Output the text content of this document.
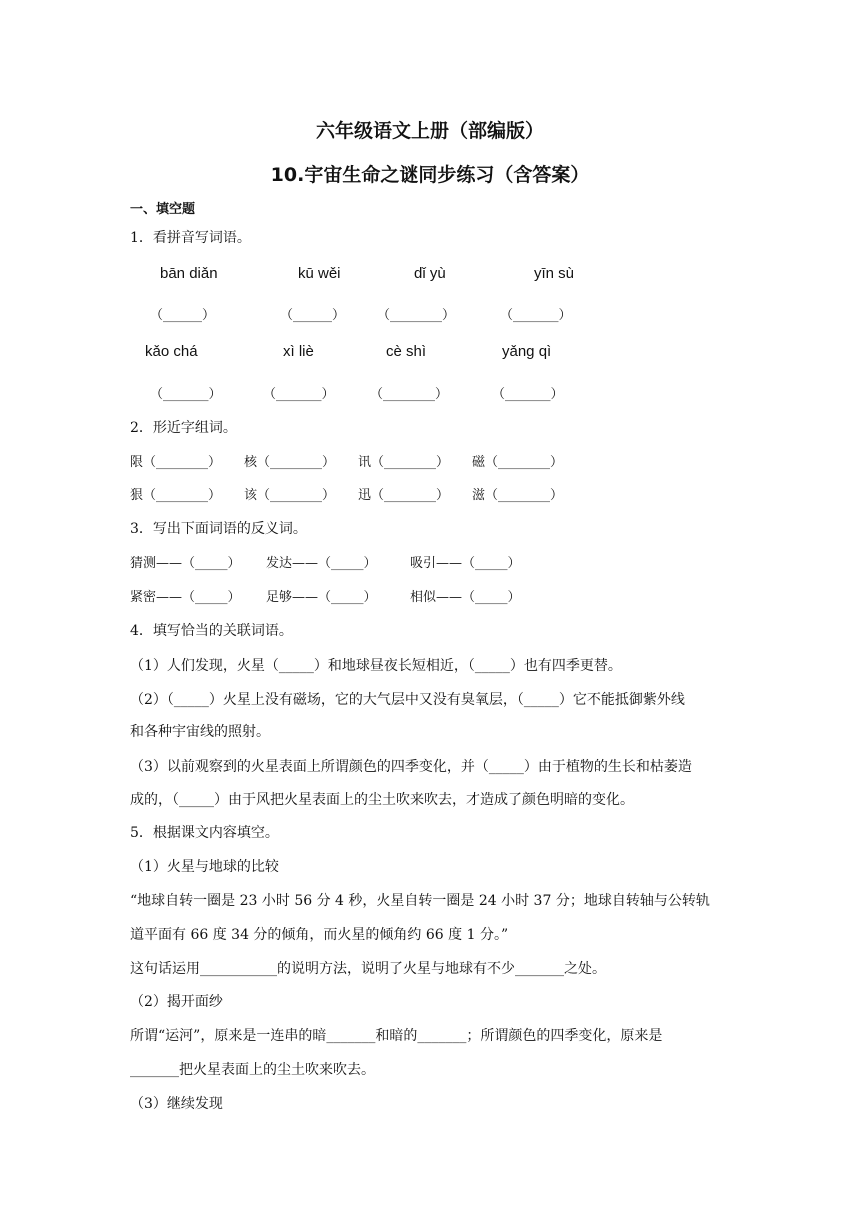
六年级语文上册（部编版）
10.宇宙生命之谜同步练习（含答案）
一、填空题
1．看拼音写词语。
bān diǎn	kū wěi	dǐ yù	yīn sù
（______）	（______） （________）	（_______）
kǎo chá	xì liè	cè shì	yǎng qì
（_______）	（_______）	（________）	（_______）
2．形近字组词。
限（________） 核（________） 讯（________） 磁（________）
狠（________） 该（________） 迅（________） 滋（________）
3．写出下面词语的反义词。
猜测——（_____） 发达——（_____）	吸引——（_____）
紧密——（_____） 足够——（_____）	相似——（_____）
4．填写恰当的关联词语。
（1）人们发现，火星（_____）和地球昼夜长短相近，（_____）也有四季更替。
（2）（_____）火星上没有磁场，它的大气层中又没有臭氧层，（_____）它不能抵御紫外线
和各种宇宙线的照射。
（3）以前观察到的火星表面上所谓颜色的四季变化，并（_____）由于植物的生长和枯萎造
成的，（_____）由于风把火星表面上的尘土吹来吹去，才造成了颜色明暗的变化。
5．根据课文内容填空。
（1）火星与地球的比较
“地球自转一圈是 23 小时 56 分 4 秒，火星自转一圈是 24 小时 37 分；地球自转轴与公转轨
道平面有 66 度 34 分的倾角，而火星的倾角约 66 度 1 分。”
这句话运用___________的说明方法，说明了火星与地球有不少_______之处。
（2）揭开面纱
所谓“运河”，原来是一连串的暗_______和暗的_______；所谓颜色的四季变化，原来是
_______把火星表面上的尘土吹来吹去。
（3）继续发现
